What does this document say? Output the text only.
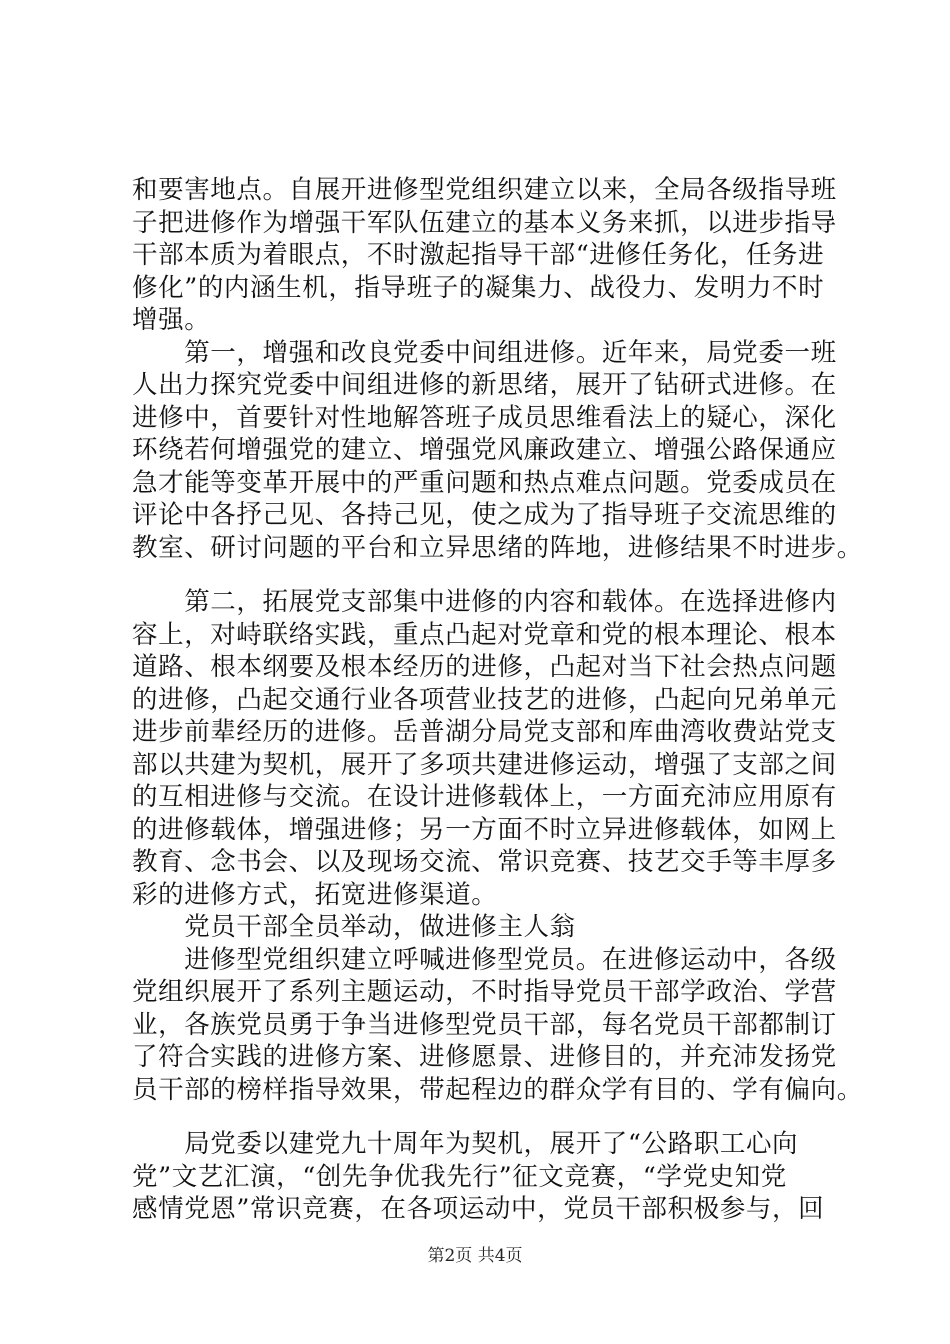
和要害地点。自展开进修型党组织建立以来，全局各级指导班
子把进修作为增强干军队伍建立的基本义务来抓，以进步指导
干部本质为着眼点，不时激起指导干部“进修任务化，任务进
修化”的内涵生机，指导班子的凝集力、战役力、发明力不时
增强。
　　第一，增强和改良党委中间组进修。近年来，局党委一班
人出力探究党委中间组进修的新思绪，展开了钻研式进修。在
进修中，首要针对性地解答班子成员思维看法上的疑心，深化
环绕若何增强党的建立、增强党风廉政建立、增强公路保通应
急才能等变革开展中的严重问题和热点难点问题。党委成员在
评论中各抒己见、各持己见，使之成为了指导班子交流思维的
教室、研讨问题的平台和立异思绪的阵地，进修结果不时进步。
　　第二，拓展党支部集中进修的内容和载体。在选择进修内
容上，对峙联络实践，重点凸起对党章和党的根本理论、根本
道路、根本纲要及根本经历的进修，凸起对当下社会热点问题
的进修，凸起交通行业各项营业技艺的进修，凸起向兄弟单元
进步前辈经历的进修。岳普湖分局党支部和库曲湾收费站党支
部以共建为契机，展开了多项共建进修运动，增强了支部之间
的互相进修与交流。在设计进修载体上，一方面充沛应用原有
的进修载体，增强进修；另一方面不时立异进修载体，如网上
教育、念书会、以及现场交流、常识竞赛、技艺交手等丰厚多
彩的进修方式，拓宽进修渠道。
　　党员干部全员举动，做进修主人翁
　　进修型党组织建立呼喊进修型党员。在进修运动中，各级
党组织展开了系列主题运动，不时指导党员干部学政治、学营
业，各族党员勇于争当进修型党员干部，每名党员干部都制订
了符合实践的进修方案、进修愿景、进修目的，并充沛发扬党
员干部的榜样指导效果，带起程边的群众学有目的、学有偏向。
　　局党委以建党九十周年为契机，展开了“公路职工心向
党”文艺汇演，“创先争优我先行”征文竞赛，“学党史知党
感情党恩”常识竞赛，在各项运动中，党员干部积极参与，回
第2页 共4页
